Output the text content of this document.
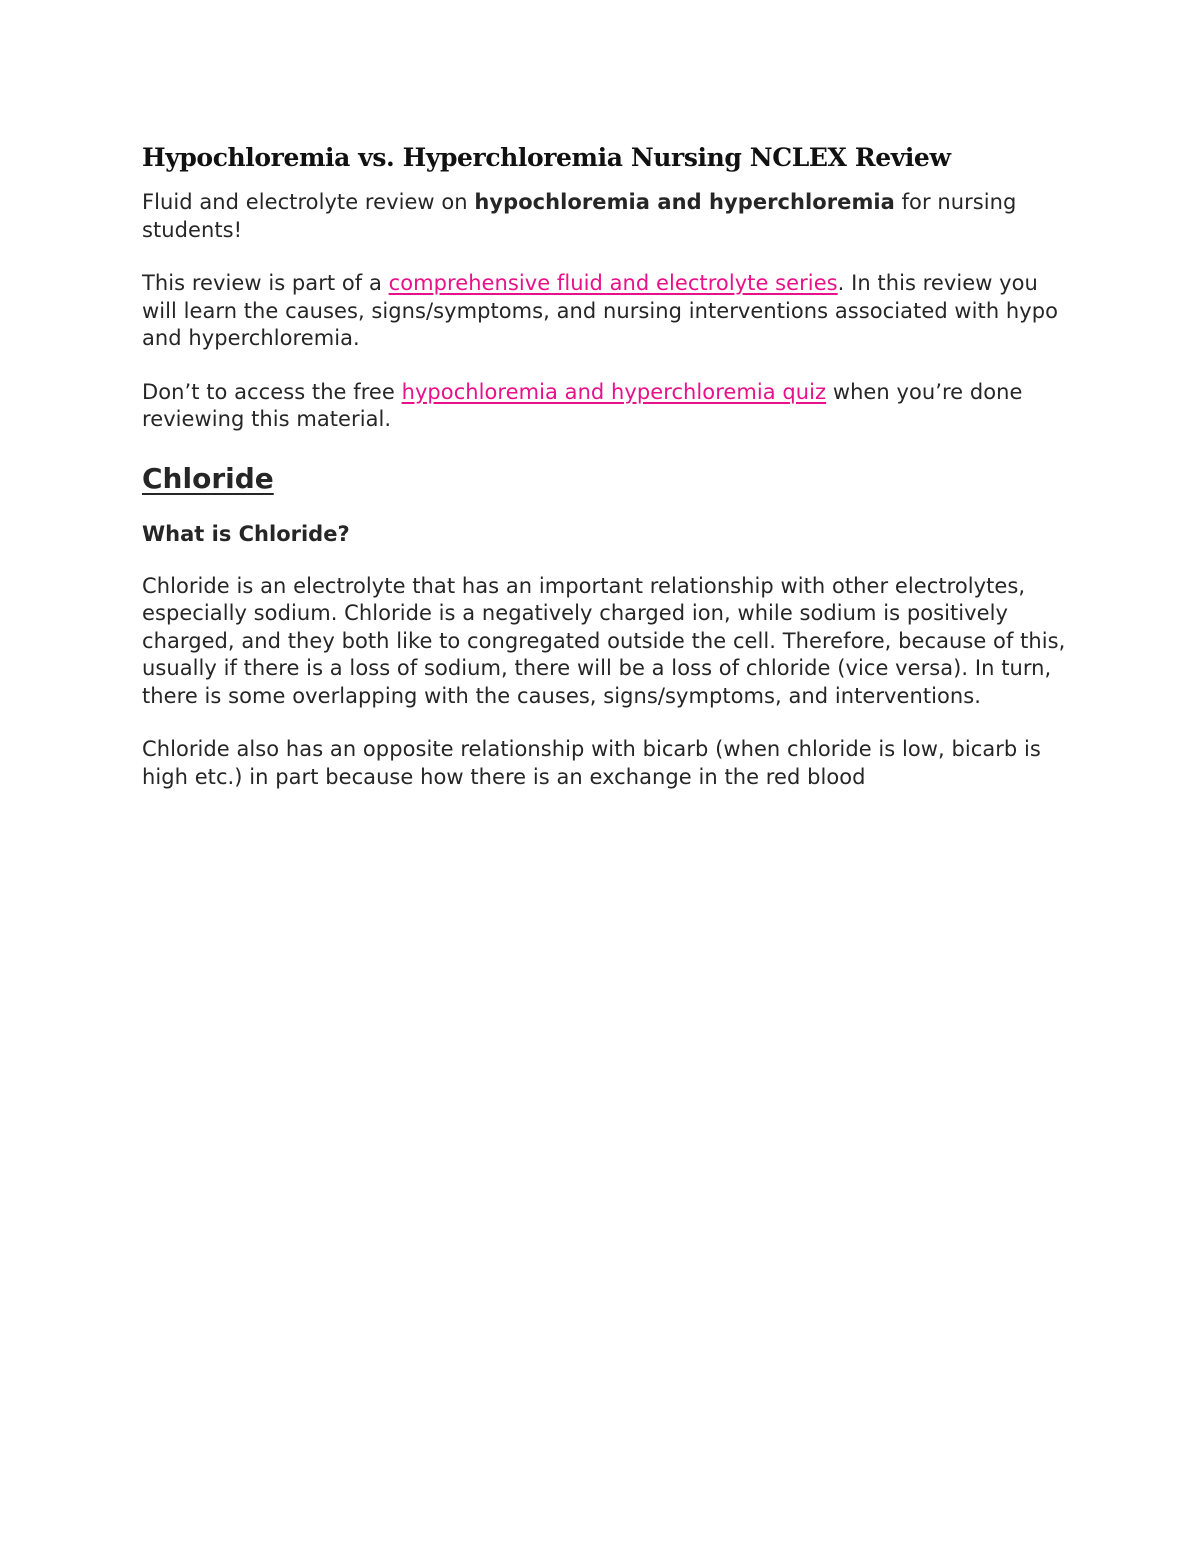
Hypochloremia vs. Hyperchloremia Nursing NCLEX Review

Fluid and electrolyte review on hypochloremia and hyperchloremia for nursing students!

This review is part of a comprehensive fluid and electrolyte series. In this review you will learn the causes, signs/symptoms, and nursing interventions associated with hypo and hyperchloremia.

Don’t to access the free hypochloremia and hyperchloremia quiz when you’re done reviewing this material.

Chloride
What is Chloride?

Chloride is an electrolyte that has an important relationship with other electrolytes, especially sodium. Chloride is a negatively charged ion, while sodium is positively charged, and they both like to congregated outside the cell. Therefore, because of this, usually if there is a loss of sodium, there will be a loss of chloride (vice versa). In turn, there is some overlapping with the causes, signs/symptoms, and interventions.

Chloride also has an opposite relationship with bicarb (when chloride is low, bicarb is high etc.) in part because how there is an exchange in the red blood
